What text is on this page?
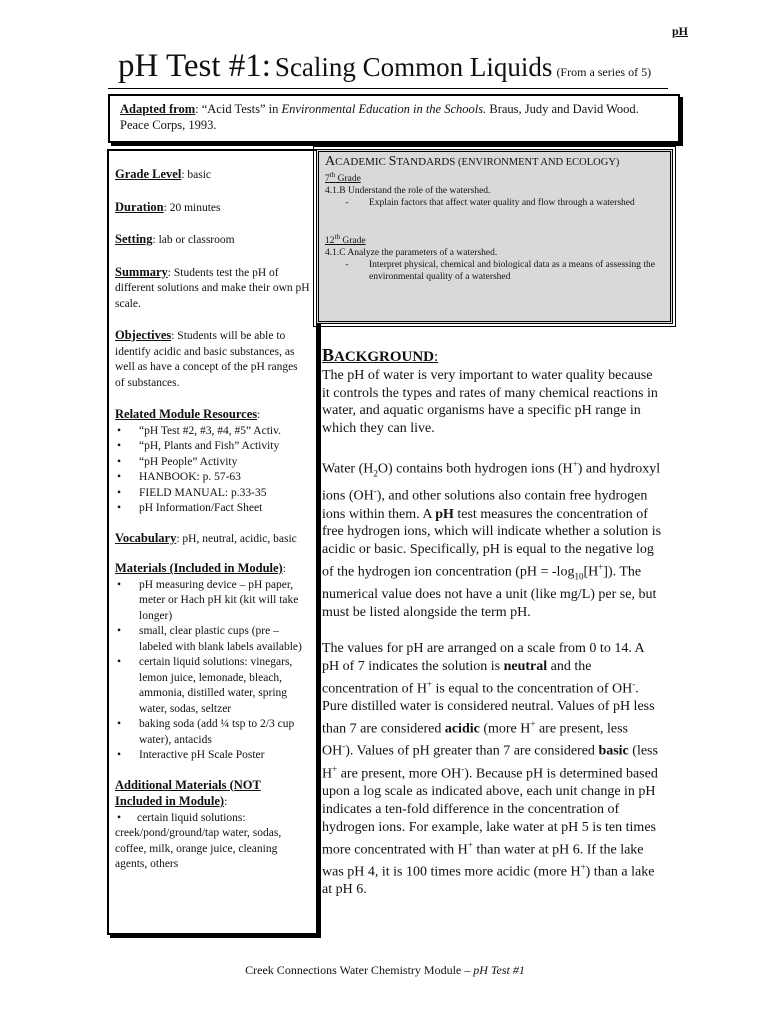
pH
pH Test #1: Scaling Common Liquids (From a series of 5)
Adapted from: “Acid Tests” in Environmental Education in the Schools. Braus, Judy and David Wood. Peace Corps, 1993.

Grade Level: basic

Duration: 20 minutes

Setting: lab or classroom

Summary: Students test the pH of different solutions and make their own pH scale.

Objectives: Students will be able to identify acidic and basic substances, as well as have a concept of the pH ranges of substances.

Related Module Resources:

• “pH Test #2, #3, #4, #5” Activ.
• “pH, Plants and Fish” Activity
• “pH People” Activity
• HANBOOK: p. 57-63
• FIELD MANUAL: p.33-35
• pH Information/Fact Sheet

Vocabulary: pH, neutral, acidic, basic

Materials (Included in Module):

• pH measuring device – pH paper, meter or Hach pH kit (kit will take longer)
• small, clear plastic cups (pre – labeled with blank labels available)
• certain liquid solutions: vinegars, lemon juice, lemonade, bleach, ammonia, distilled water, spring water, sodas, seltzer
• baking soda (add ¼ tsp to 2/3 cup water), antacids
• Interactive pH Scale Poster

Additional Materials (NOT Included in Module):

• certain liquid solutions: creek/pond/ground/tap water, sodas, coffee, milk, orange juice, cleaning agents, others

ACADEMIC STANDARDS (ENVIRONMENT AND ECOLOGY)
7th Grade
4.1.B Understand the role of the watershed.
-	Explain factors that affect water quality and flow through a watershed
12th Grade
4.1.C Analyze the parameters of a watershed.
-	Interpret physical, chemical and biological data as a means of assessing the environmental quality of a watershed
BACKGROUND:

The pH of water is very important to water quality because it controls the types and rates of many chemical reactions in water, and aquatic organisms have a specific pH range in which they can live.

Water $(H_2O)$ contains both hydrogen ions (H+) and hydroxyl ions (OH-), and other solutions also contain free hydrogen ions within them. A pH test measures the concentration of free hydrogen ions, which will indicate whether a solution is acidic or basic. Specifically, pH is equal to the negative log of the hydrogen ion concentration $(pH = -\log_{10}[H^+])$. The numerical value does not have a unit (like mg/L) per se, but must be listed alongside the term pH.

The values for pH are arranged on a scale from 0 to 14. A pH of 7 indicates the solution is neutral and the concentration of H+ is equal to the concentration of OH-. Pure distilled water is considered neutral. Values of pH less than 7 are considered acidic (more H+ are present, less OH-). Values of pH greater than 7 are considered basic (less H+ are present, more OH-). Because pH is determined based upon a log scale as indicated above, each unit change in pH indicates a ten-fold difference in the concentration of hydrogen ions. For example, lake water at pH 5 is ten times more concentrated with H+ than water at pH 6. If the lake was pH 4, it is 100 times more acidic (more H+) than a lake at pH 6.

Creek Connections Water Chemistry Module – pH Test #1
